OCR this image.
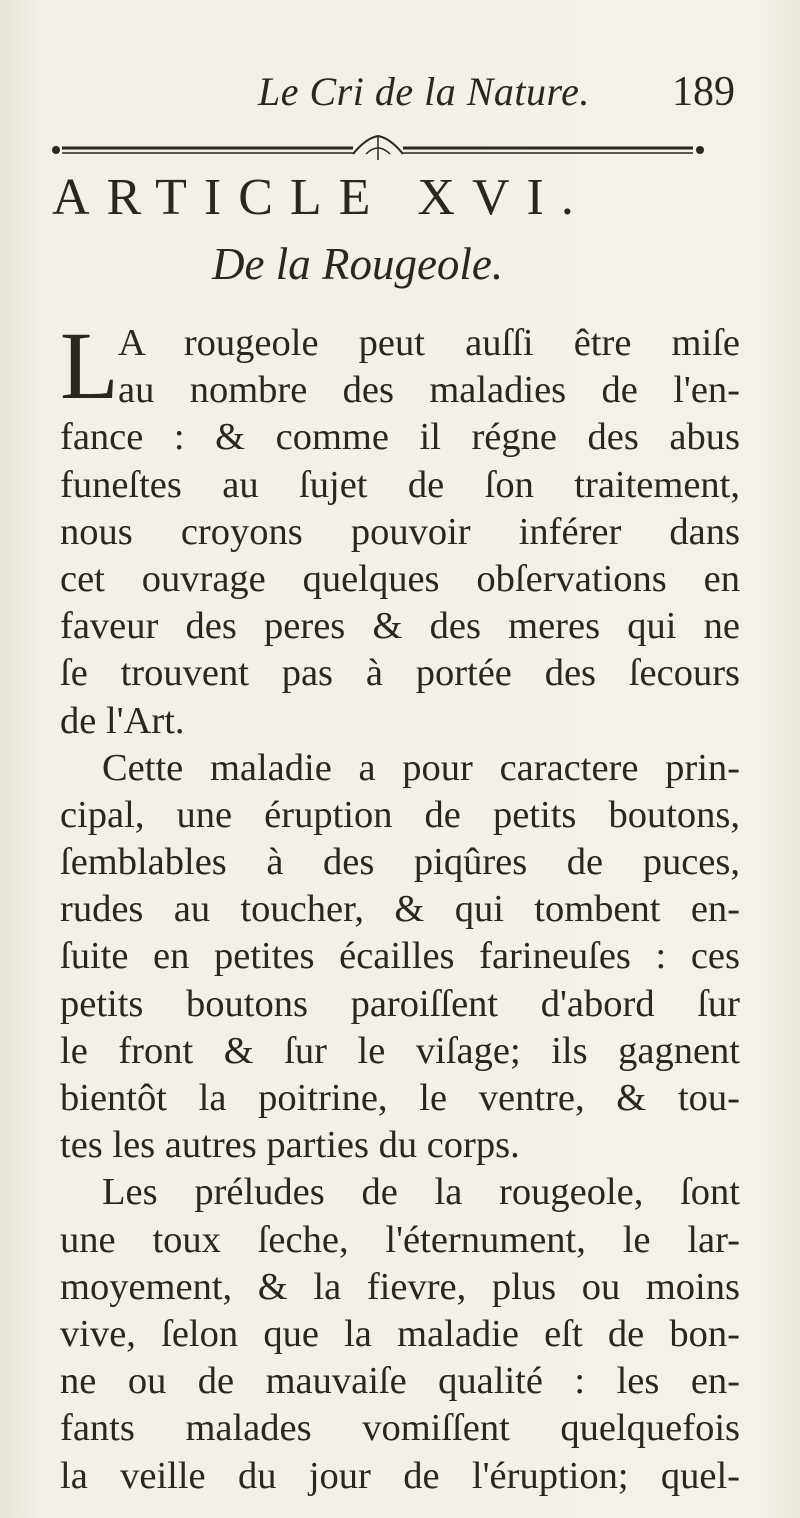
Le Cri de la Nature. 189
ARTICLE XVI.
De la Rougeole.
L A rougeole peut auſſi être miſe
au nombre des maladies de l'en-
fance : & comme il régne des abus
funeſtes au ſujet de ſon traitement,
nous croyons pouvoir inférer dans
cet ouvrage quelques obſervations en
faveur des peres & des meres qui ne
ſe trouvent pas à portée des ſecours
de l'Art.
Cette maladie a pour caractere prin-
cipal, une éruption de petits boutons,
ſemblables à des piqûres de puces,
rudes au toucher, & qui tombent en-
ſuite en petites écailles farineuſes : ces
petits boutons paroiſſent d'abord ſur
le front & ſur le viſage; ils gagnent
bientôt la poitrine, le ventre, & tou-
tes les autres parties du corps.
Les préludes de la rougeole, ſont
une toux ſeche, l'éternument, le lar-
moyement, & la fievre, plus ou moins
vive, ſelon que la maladie eſt de bon-
ne ou de mauvaiſe qualité : les en-
fants malades vomiſſent quelquefois
la veille du jour de l'éruption; quel-
